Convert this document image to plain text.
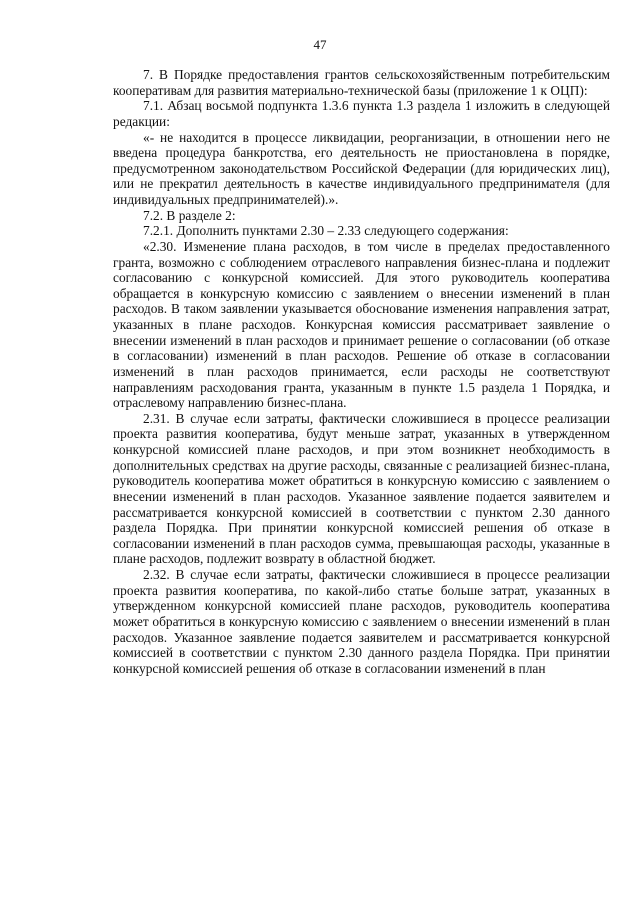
47

7. В Порядке предоставления грантов сельскохозяйственным потребительским кооперативам для развития материально-технической базы (приложение 1 к ОЦП):

7.1. Абзац восьмой подпункта 1.3.6 пункта 1.3 раздела 1 изложить в следующей редакции:

«- не находится в процессе ликвидации, реорганизации, в отношении него не введена процедура банкротства, его деятельность не приостановлена в порядке, предусмотренном законодательством Российской Федерации (для юридических лиц), или не прекратил деятельность в качестве индивидуального предпринимателя (для индивидуальных предпринимателей).».

7.2. В разделе 2:

7.2.1. Дополнить пунктами 2.30 – 2.33 следующего содержания:

«2.30. Изменение плана расходов, в том числе в пределах предоставленного гранта, возможно с соблюдением отраслевого направления бизнес-плана и подлежит согласованию с конкурсной комиссией. Для этого руководитель кооператива обращается в конкурсную комиссию с заявлением о внесении изменений в план расходов. В таком заявлении указывается обоснование изменения направления затрат, указанных в плане расходов. Конкурсная комиссия рассматривает заявление о внесении изменений в план расходов и принимает решение о согласовании (об отказе в согласовании) изменений в план расходов. Решение об отказе в согласовании изменений в план расходов принимается, если расходы не соответствуют направлениям расходования гранта, указанным в пункте 1.5 раздела 1 Порядка, и отраслевому направлению бизнес-плана.

2.31. В случае если затраты, фактически сложившиеся в процессе реализации проекта развития кооператива, будут меньше затрат, указанных в утвержденном конкурсной комиссией плане расходов, и при этом возникнет необходимость в дополнительных средствах на другие расходы, связанные с реализацией бизнес-плана, руководитель кооператива может обратиться в конкурсную комиссию с заявлением о внесении изменений в план расходов. Указанное заявление подается заявителем и рассматривается конкурсной комиссией в соответствии с пунктом 2.30 данного раздела Порядка. При принятии конкурсной комиссией решения об отказе в согласовании изменений в план расходов сумма, превышающая расходы, указанные в плане расходов, подлежит возврату в областной бюджет.

2.32. В случае если затраты, фактически сложившиеся в процессе реализации проекта развития кооператива, по какой-либо статье больше затрат, указанных в утвержденном конкурсной комиссией плане расходов, руководитель кооператива может обратиться в конкурсную комиссию с заявлением о внесении изменений в план расходов. Указанное заявление подается заявителем и рассматривается конкурсной комиссией в соответствии с пунктом 2.30 данного раздела Порядка. При принятии конкурсной комиссией решения об отказе в согласовании изменений в план
